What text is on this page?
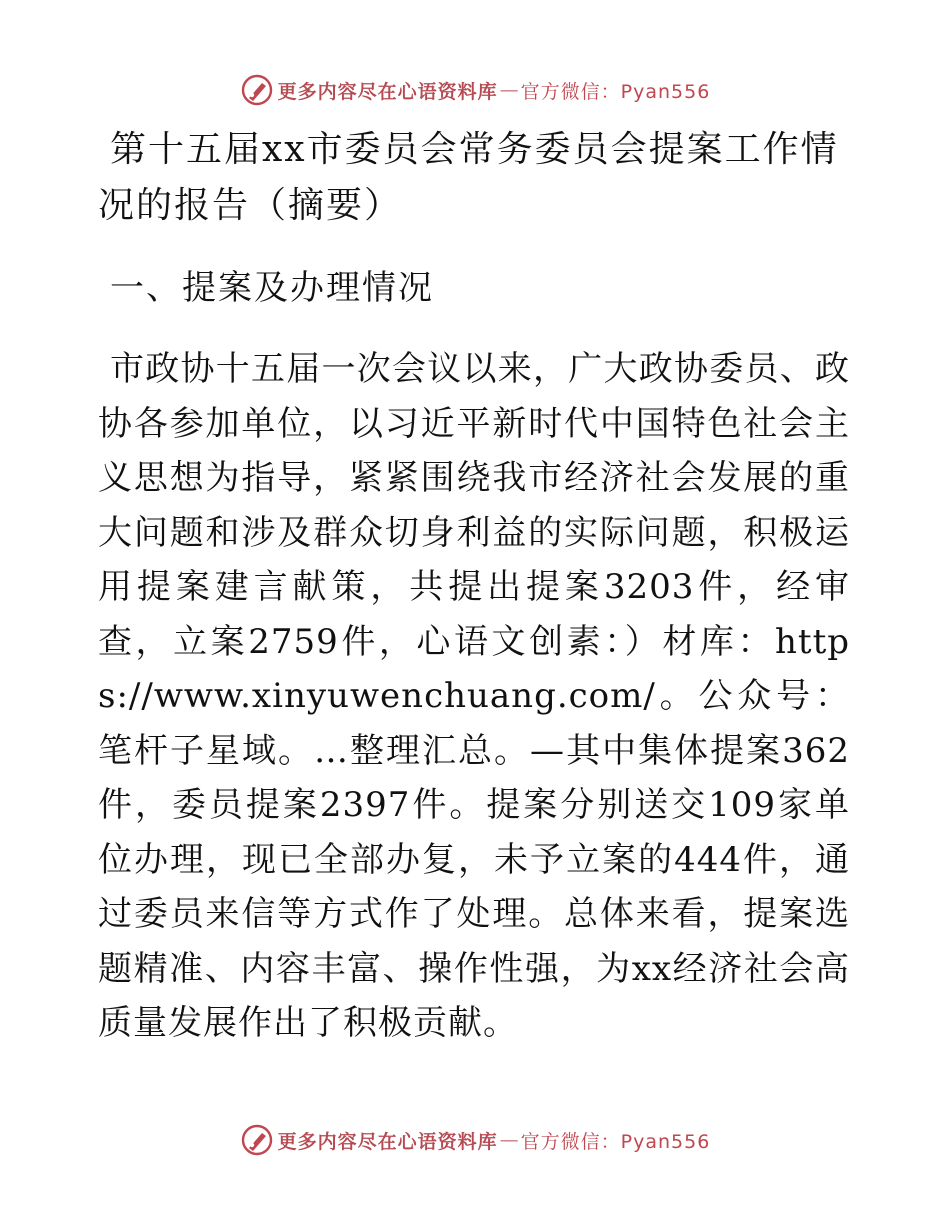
更多内容尽在心语资料库 — 官方微信：Pyan556
第十五届xx市委员会常务委员会提案工作情况的报告（摘要）
一、提案及办理情况

市政协十五届一次会议以来，广大政协委员、政协各参加单位，以习近平新时代中国特色社会主义思想为指导，紧紧围绕我市经济社会发展的重大问题和涉及群众切身利益的实际问题，积极运用提案建言献策，共提出提案3203件，经审查，立案2759件，心语文创素：）材库：https://www.xinyuwenchuang.com/。公众号：笔杆子星域。…整理汇总。—其中集体提案362件，委员提案2397件。提案分别送交109家单位办理，现已全部办复，未予立案的444件，通过委员来信等方式作了处理。总体来看，提案选题精准、内容丰富、操作性强，为xx经济社会高质量发展作出了积极贡献。

更多内容尽在心语资料库 — 官方微信：Pyan556
